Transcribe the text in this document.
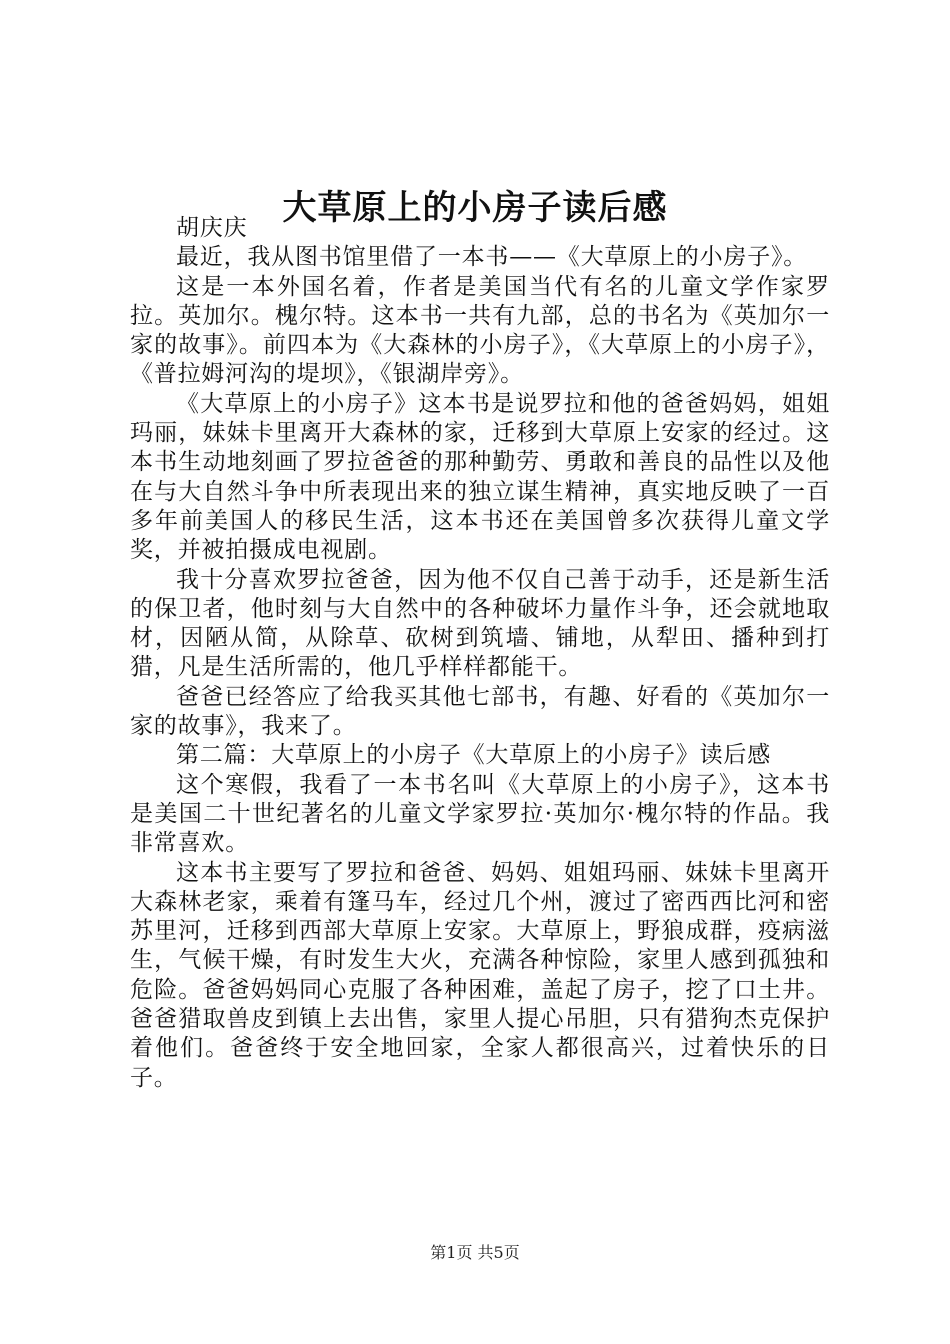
大草原上的小房子读后感

胡庆庆

最近，我从图书馆里借了一本书——《大草原上的小房子》。

这是一本外国名着，作者是美国当代有名的儿童文学作家罗拉。英加尔。槐尔特。这本书一共有九部，总的书名为《英加尔一家的故事》。前四本为《大森林的小房子》，《大草原上的小房子》，《普拉姆河沟的堤坝》，《银湖岸旁》。

《大草原上的小房子》这本书是说罗拉和他的爸爸妈妈，姐姐玛丽，妹妹卡里离开大森林的家，迁移到大草原上安家的经过。这本书生动地刻画了罗拉爸爸的那种勤劳、勇敢和善良的品性以及他在与大自然斗争中所表现出来的独立谋生精神，真实地反映了一百多年前美国人的移民生活，这本书还在美国曾多次获得儿童文学奖，并被拍摄成电视剧。

我十分喜欢罗拉爸爸，因为他不仅自己善于动手，还是新生活的保卫者，他时刻与大自然中的各种破坏力量作斗争，还会就地取材，因陋从简，从除草、砍树到筑墙、铺地，从犁田、播种到打猎，凡是生活所需的，他几乎样样都能干。

爸爸已经答应了给我买其他七部书，有趣、好看的《英加尔一家的故事》，我来了。

第二篇：大草原上的小房子《大草原上的小房子》读后感

这个寒假，我看了一本书名叫《大草原上的小房子》，这本书是美国二十世纪著名的儿童文学家罗拉·英加尔·槐尔特的作品。我非常喜欢。

这本书主要写了罗拉和爸爸、妈妈、姐姐玛丽、妹妹卡里离开大森林老家，乘着有篷马车，经过几个州，渡过了密西西比河和密苏里河，迁移到西部大草原上安家。大草原上，野狼成群，疫病滋生，气候干燥，有时发生大火，充满各种惊险，家里人感到孤独和危险。爸爸妈妈同心克服了各种困难，盖起了房子，挖了口土井。爸爸猎取兽皮到镇上去出售，家里人提心吊胆，只有猎狗杰克保护着他们。爸爸终于安全地回家，全家人都很高兴，过着快乐的日子。

第1页 共5页
